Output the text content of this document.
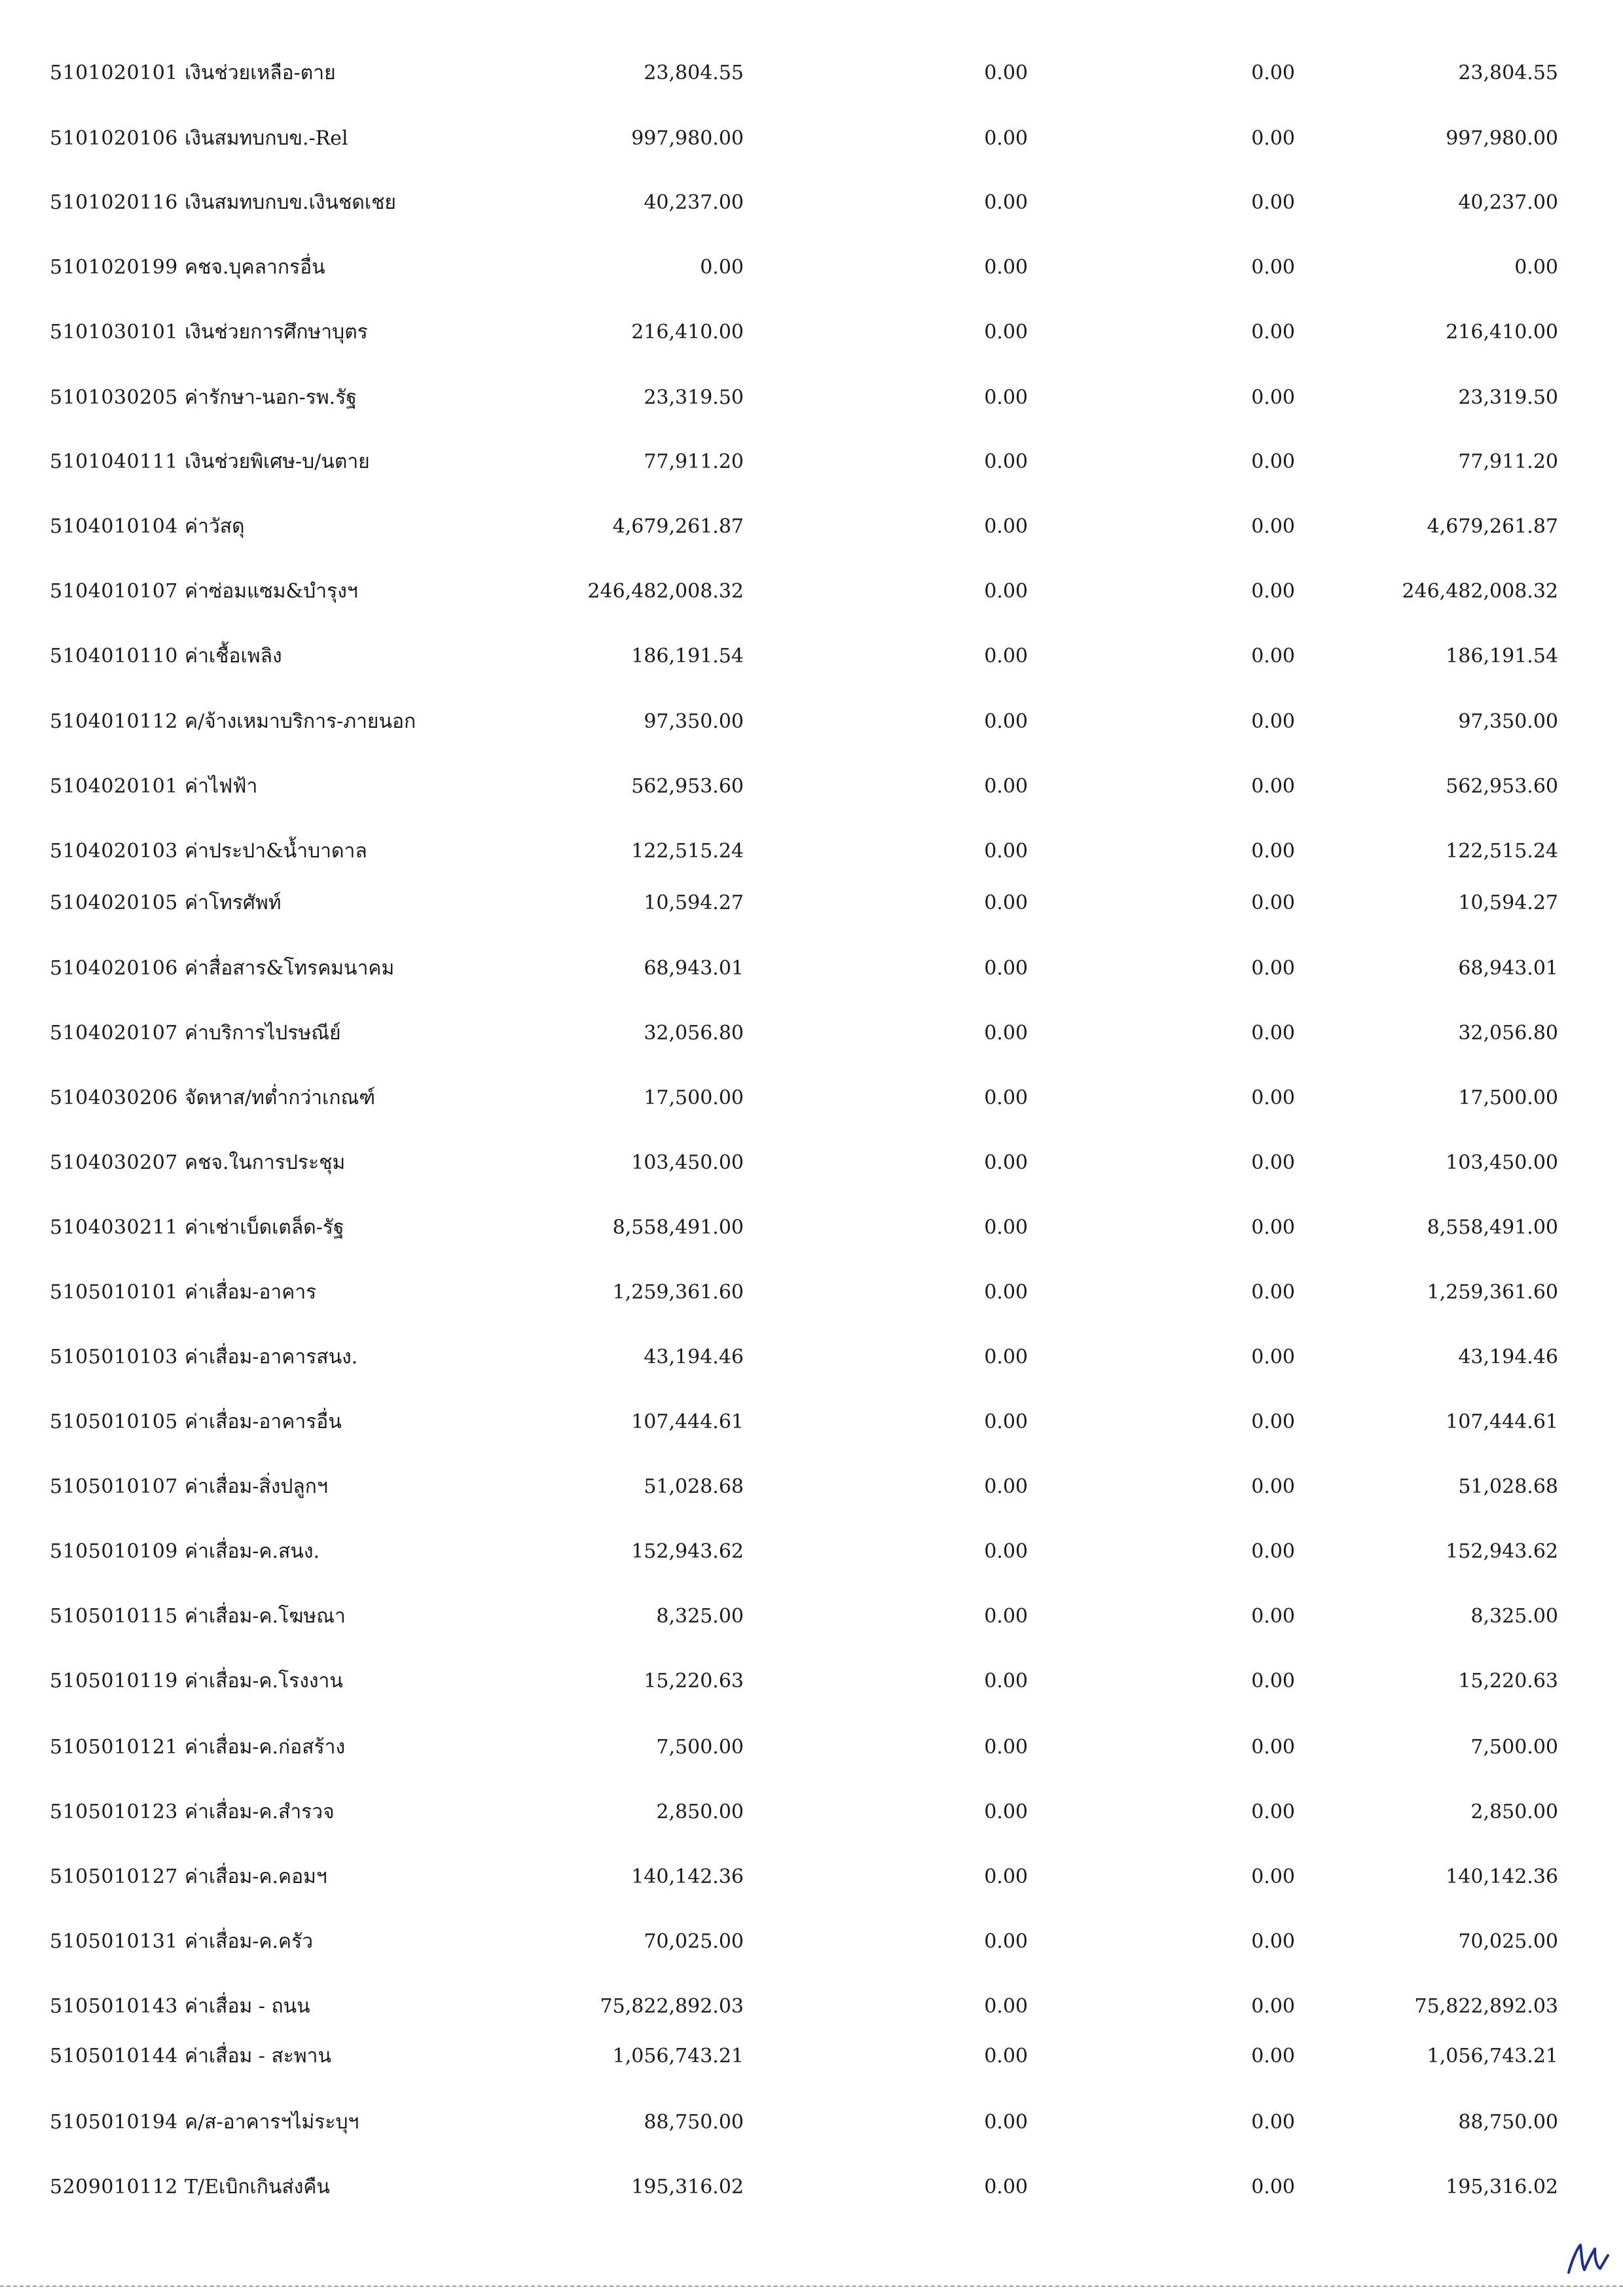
5101020101 เงินช่วยเหลือ-ตาย	23,804.55	0.00	0.00	23,804.55
5101020106 เงินสมทบกบข.-Rel	997,980.00	0.00	0.00	997,980.00
5101020116 เงินสมทบกบข.เงินชดเชย	40,237.00	0.00	0.00	40,237.00
5101020199 คชจ.บุคลากรอื่น	0.00	0.00	0.00	0.00
5101030101 เงินช่วยการศึกษาบุตร	216,410.00	0.00	0.00	216,410.00
5101030205 ค่ารักษา-นอก-รพ.รัฐ	23,319.50	0.00	0.00	23,319.50
5101040111 เงินช่วยพิเศษ-บ/นตาย	77,911.20	0.00	0.00	77,911.20
5104010104 ค่าวัสดุ	4,679,261.87	0.00	0.00	4,679,261.87
5104010107 ค่าซ่อมแซม&บำรุงฯ	246,482,008.32	0.00	0.00	246,482,008.32
5104010110 ค่าเชื้อเพลิง	186,191.54	0.00	0.00	186,191.54
5104010112 ค/จ้างเหมาบริการ-ภายนอก	97,350.00	0.00	0.00	97,350.00
5104020101 ค่าไฟฟ้า	562,953.60	0.00	0.00	562,953.60
5104020103 ค่าประปา&น้ำบาดาล	122,515.24	0.00	0.00	122,515.24
5104020105 ค่าโทรศัพท์	10,594.27	0.00	0.00	10,594.27
5104020106 ค่าสื่อสาร&โทรคมนาคม	68,943.01	0.00	0.00	68,943.01
5104020107 ค่าบริการไปรษณีย์	32,056.80	0.00	0.00	32,056.80
5104030206 จัดหาส/ทต่ำกว่าเกณฑ์	17,500.00	0.00	0.00	17,500.00
5104030207 คชจ.ในการประชุม	103,450.00	0.00	0.00	103,450.00
5104030211 ค่าเช่าเบ็ดเตล็ด-รัฐ	8,558,491.00	0.00	0.00	8,558,491.00
5105010101 ค่าเสื่อม-อาคาร	1,259,361.60	0.00	0.00	1,259,361.60
5105010103 ค่าเสื่อม-อาคารสนง.	43,194.46	0.00	0.00	43,194.46
5105010105 ค่าเสื่อม-อาคารอื่น	107,444.61	0.00	0.00	107,444.61
5105010107 ค่าเสื่อม-สิ่งปลูกฯ	51,028.68	0.00	0.00	51,028.68
5105010109 ค่าเสื่อม-ค.สนง.	152,943.62	0.00	0.00	152,943.62
5105010115 ค่าเสื่อม-ค.โฆษณา	8,325.00	0.00	0.00	8,325.00
5105010119 ค่าเสื่อม-ค.โรงงาน	15,220.63	0.00	0.00	15,220.63
5105010121 ค่าเสื่อม-ค.ก่อสร้าง	7,500.00	0.00	0.00	7,500.00
5105010123 ค่าเสื่อม-ค.สำรวจ	2,850.00	0.00	0.00	2,850.00
5105010127 ค่าเสื่อม-ค.คอมฯ	140,142.36	0.00	0.00	140,142.36
5105010131 ค่าเสื่อม-ค.ครัว	70,025.00	0.00	0.00	70,025.00
5105010143 ค่าเสื่อม - ถนน	75,822,892.03	0.00	0.00	75,822,892.03
5105010144 ค่าเสื่อม - สะพาน	1,056,743.21	0.00	0.00	1,056,743.21
5105010194 ค/ส-อาคารฯไม่ระบุฯ	88,750.00	0.00	0.00	88,750.00
5209010112 T/Eเบิกเกินส่งคืน	195,316.02	0.00	0.00	195,316.02
